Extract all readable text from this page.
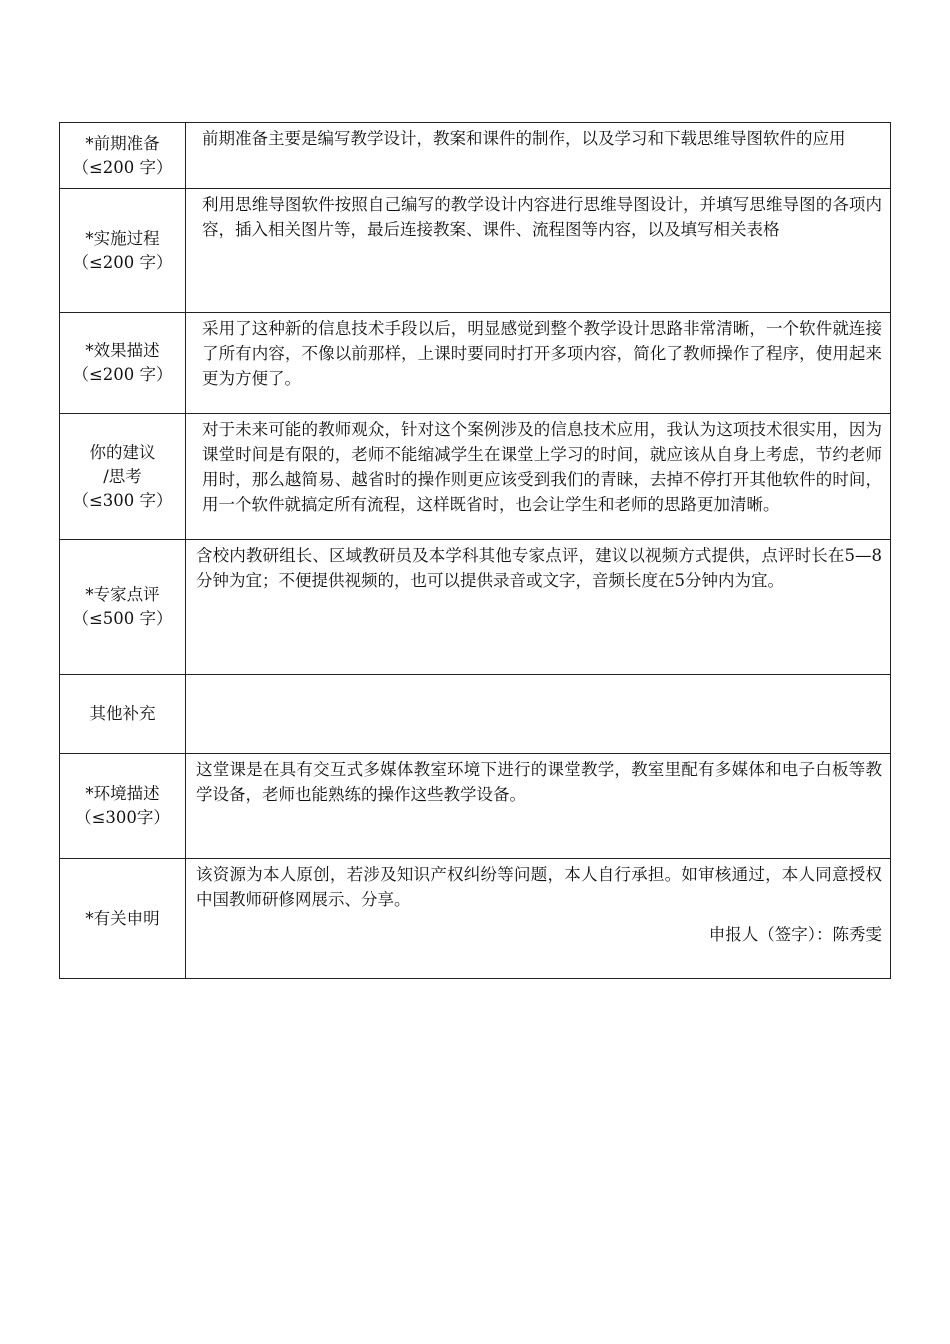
*前期准备
（≤200 字）	前期准备主要是编写教学设计，教案和课件的制作，以及学习和下载思维导图软件的应用

*实施过程
（≤200 字）	利用思维导图软件按照自己编写的教学设计内容进行思维导图设计，并填写思维导图的各项内容，插入相关图片等，最后连接教案、课件、流程图等内容，以及填写相关表格

*效果描述
（≤200 字）	采用了这种新的信息技术手段以后，明显感觉到整个教学设计思路非常清晰，一个软件就连接了所有内容，不像以前那样，上课时要同时打开多项内容，简化了教师操作了程序，使用起来更为方便了。

你的建议
/思考
（≤300 字）	对于未来可能的教师观众，针对这个案例涉及的信息技术应用，我认为这项技术很实用，因为课堂时间是有限的，老师不能缩减学生在课堂上学习的时间，就应该从自身上考虑，节约老师用时，那么越简易、越省时的操作则更应该受到我们的青睐，去掉不停打开其他软件的时间，用一个软件就搞定所有流程，这样既省时，也会让学生和老师的思路更加清晰。

*专家点评
（≤500 字）	含校内教研组长、区域教研员及本学科其他专家点评，建议以视频方式提供，点评时长在5—8分钟为宜；不便提供视频的，也可以提供录音或文字，音频长度在5分钟内为宜。

其他补充	

*环境描述
（≤300字）	这堂课是在具有交互式多媒体教室环境下进行的课堂教学，教室里配有多媒体和电子白板等教学设备，老师也能熟练的操作这些教学设备。

*有关申明	该资源为本人原创，若涉及知识产权纠纷等问题，本人自行承担。如审核通过，本人同意授权中国教师研修网展示、分享。
申报人（签字）：陈秀雯
